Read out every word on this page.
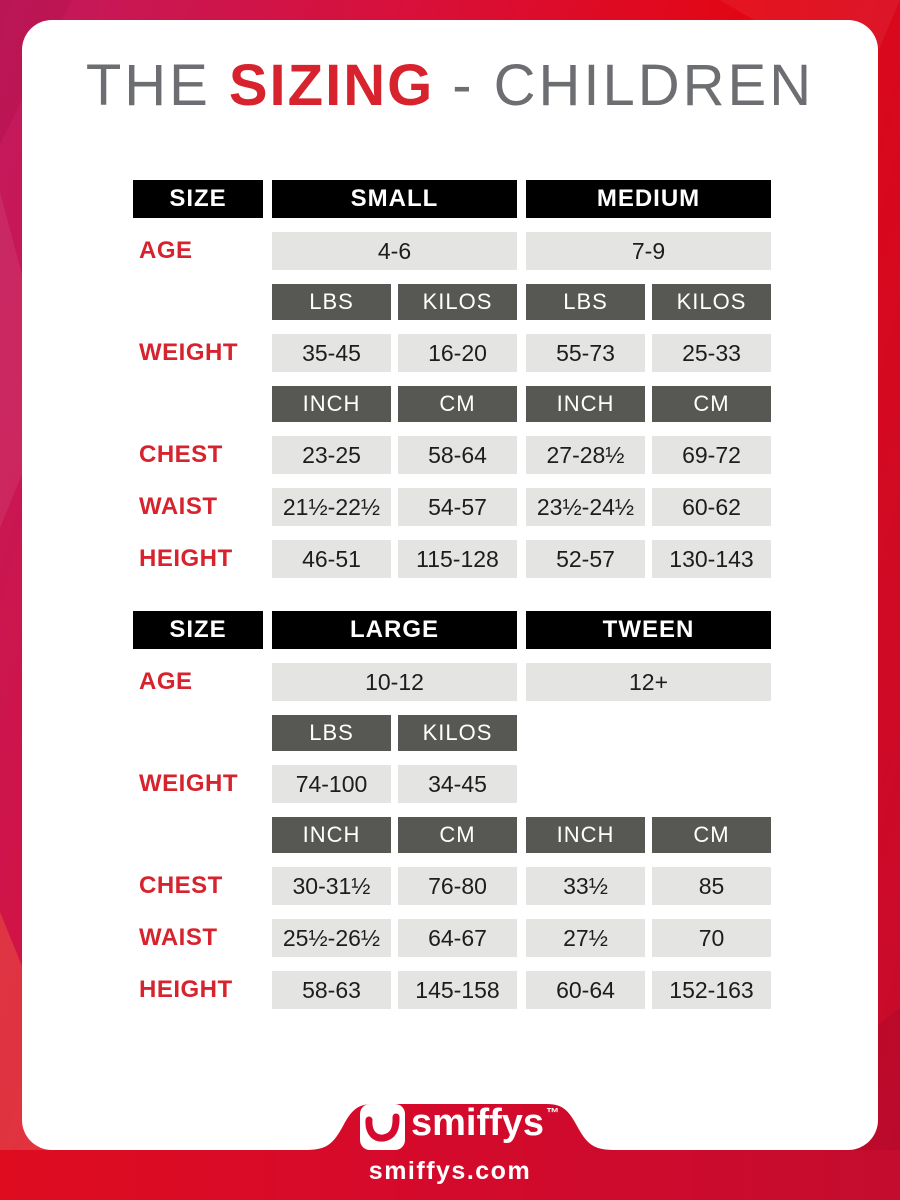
THE SIZING - CHILDREN
SIZE	SMALL	MEDIUM
AGE	4-6	7-9
LBS	KILOS	LBS	KILOS
WEIGHT	35-45	16-20	55-73	25-33
INCH	CM	INCH	CM
CHEST	23-25	58-64	27-28½	69-72
WAIST	21½-22½	54-57	23½-24½	60-62
HEIGHT	46-51	115-128	52-57	130-143
SIZE	LARGE	TWEEN
AGE	10-12	12+
LBS	KILOS
WEIGHT	74-100	34-45
INCH	CM	INCH	CM
CHEST	30-31½	76-80	33½	85
WAIST	25½-26½	64-67	27½	70
HEIGHT	58-63	145-158	60-64	152-163
smiffys ™
smiffys.com
